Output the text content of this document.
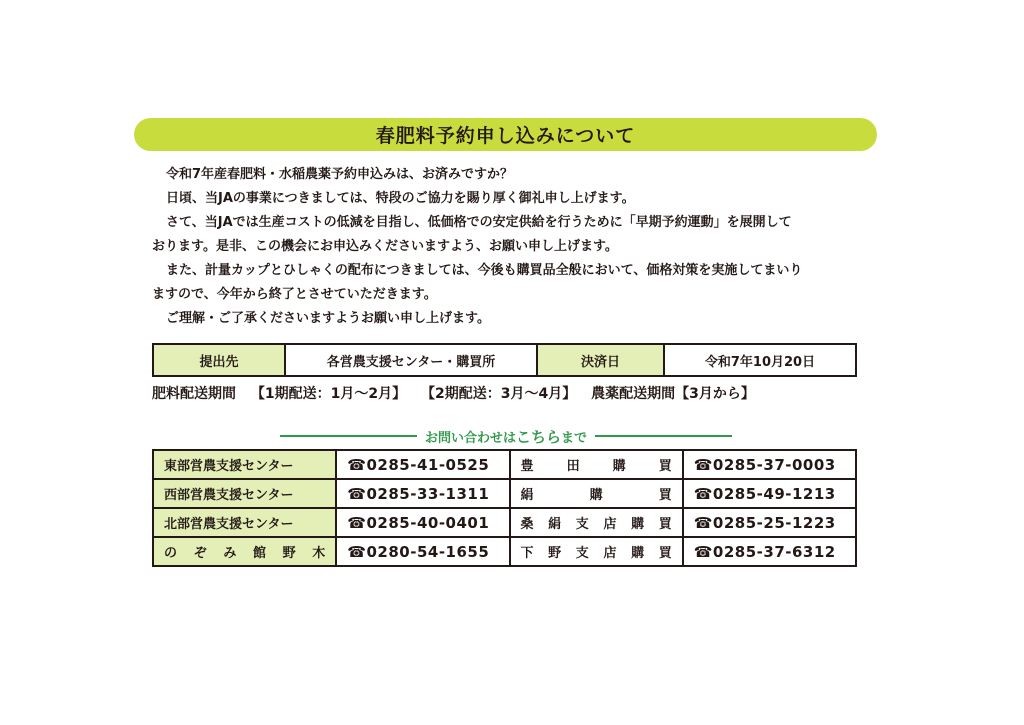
春肥料予約申し込みについて

令和7年産春肥料・水稲農薬予約申込みは、お済みですか？

日頃、当JAの事業につきましては、特段のご協力を賜り厚く御礼申し上げます。

さて、当JAでは生産コストの低減を目指し、低価格での安定供給を行うために「早期予約運動」を展開して

おります。是非、この機会にお申込みくださいますよう、お願い申し上げます。

また、計量カップとひしゃくの配布につきましては、今後も購買品全般において、価格対策を実施してまいり

ますので、今年から終了とさせていただきます。

ご理解・ご了承くださいますようお願い申し上げます。

提出先	各営農支援センター・購買所	決済日	令和7年10月20日
肥料配送期間 【1期配送：1月～2月】 【2期配送：3月～4月】 農薬配送期間【3月から】
お問い合わせはこちらまで
東部営農支援センター	☎0285-41-0525	豊 田 購 買	☎0285-37-0003
西部営農支援センター	☎0285-33-1311	絹 購 買	☎0285-49-1213
北部営農支援センター	☎0285-40-0401	桑 絹 支 店 購 買	☎0285-25-1223
の ぞ み 館 野 木	☎0280-54-1655	下 野 支 店 購 買	☎0285-37-6312
